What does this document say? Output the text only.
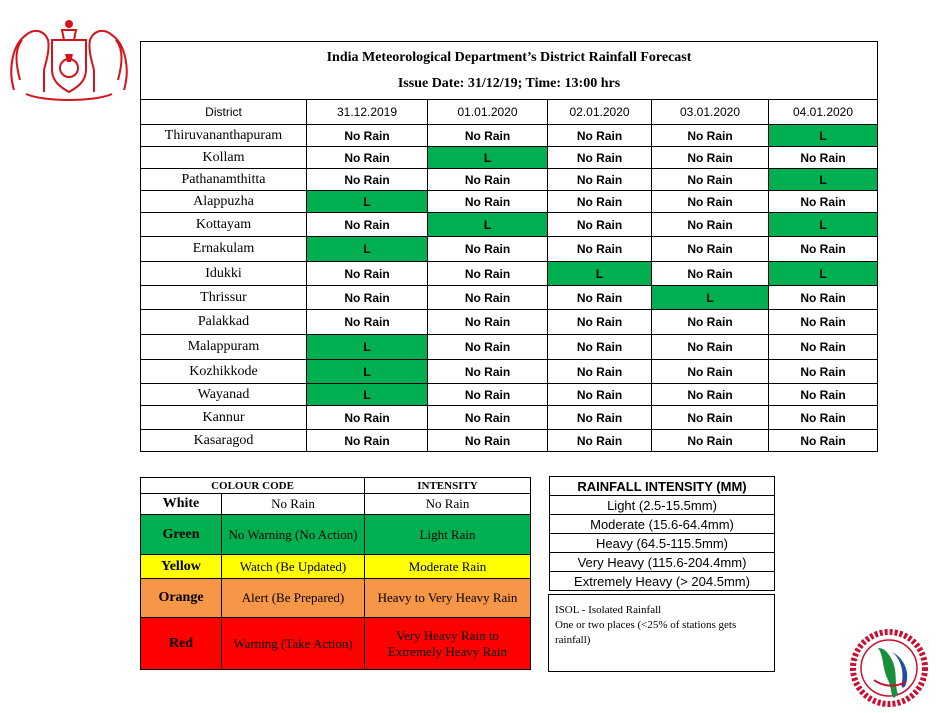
India Meteorological Department’s District Rainfall Forecast
Issue Date: 31/12/19; Time: 13:00 hrs					

District	31.12.2019	01.01.2020	02.01.2020	03.01.2020	04.01.2020
Thiruvananthapuram	No Rain	No Rain	No Rain	No Rain	L
Kollam	No Rain	L	No Rain	No Rain	No Rain
Pathanamthitta	No Rain	No Rain	No Rain	No Rain	L
Alappuzha	L	No Rain	No Rain	No Rain	No Rain
Kottayam	No Rain	L	No Rain	No Rain	L
Ernakulam	L	No Rain	No Rain	No Rain	No Rain
Idukki	No Rain	No Rain	L	No Rain	L
Thrissur	No Rain	No Rain	No Rain	L	No Rain
Palakkad	No Rain	No Rain	No Rain	No Rain	No Rain
Malappuram	L	No Rain	No Rain	No Rain	No Rain
Kozhikkode	L	No Rain	No Rain	No Rain	No Rain
Wayanad	L	No Rain	No Rain	No Rain	No Rain
Kannur	No Rain	No Rain	No Rain	No Rain	No Rain
Kasaragod	No Rain	No Rain	No Rain	No Rain	No Rain
COLOUR CODE		INTENSITY
White	No Rain	No Rain
Green	No Warning (No Action)	Light Rain
Yellow	Watch (Be Updated)	Moderate Rain
Orange	Alert (Be Prepared)	Heavy to Very Heavy Rain
Red	Warning (Take Action)	Very Heavy Rain to Extremely Heavy Rain
RAINFALL INTENSITY (MM)
Light (2.5-15.5mm)
Moderate (15.6-64.4mm)
Heavy (64.5-115.5mm)
Very Heavy (115.6-204.4mm)
Extremely Heavy (> 204.5mm)
ISOL - Isolated Rainfall
One or two places (<25% of stations gets rainfall)
